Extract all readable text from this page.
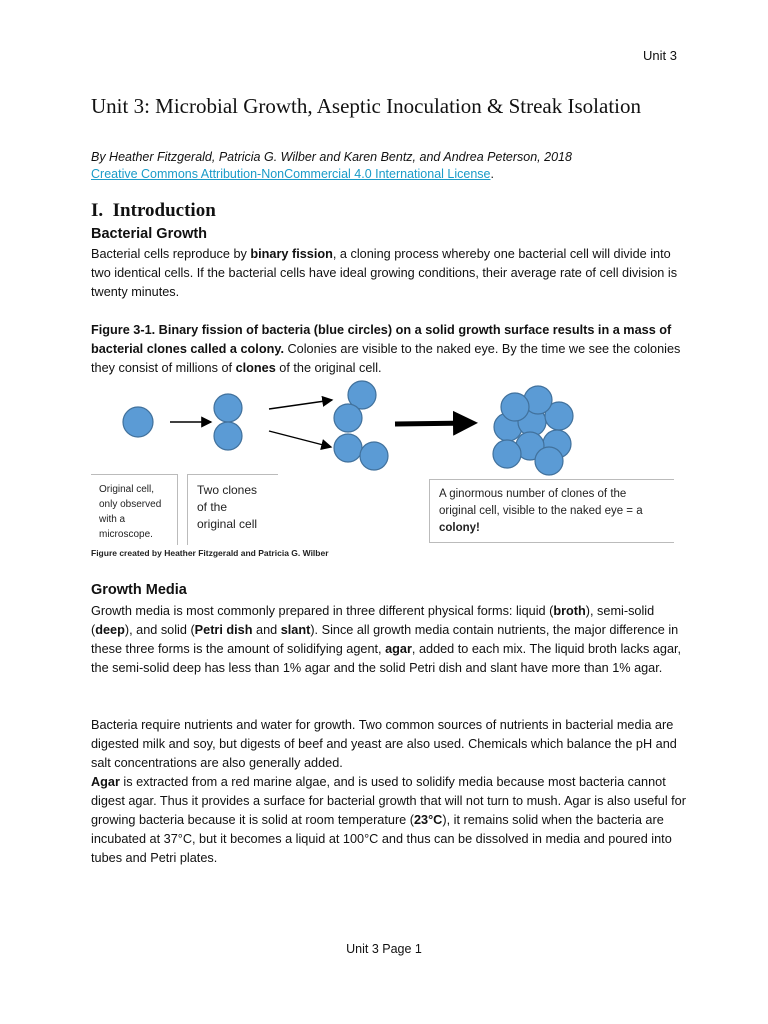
Unit 3
Unit 3: Microbial Growth, Aseptic Inoculation & Streak Isolation
By Heather Fitzgerald, Patricia G. Wilber and Karen Bentz, and Andrea Peterson, 2018
Creative Commons Attribution-NonCommercial 4.0 International License.
I. Introduction
Bacterial Growth

Bacterial cells reproduce by binary fission, a cloning process whereby one bacterial cell will divide into two identical cells. If the bacterial cells have ideal growing conditions, their average rate of cell division is twenty minutes.

Figure 3-1. Binary fission of bacteria (blue circles) on a solid growth surface results in a mass of bacterial clones called a colony. Colonies are visible to the naked eye. By the time we see the colonies they consist of millions of clones of the original cell.

Original cell, only observed with a microscope.
Two clones of the original cell
A ginormous number of clones of the original cell, visible to the naked eye = a colony!
Figure created by Heather Fitzgerald and Patricia G. Wilber
Growth Media

Growth media is most commonly prepared in three different physical forms: liquid (broth), semi-solid (deep), and solid (Petri dish and slant). Since all growth media contain nutrients, the major difference in these three forms is the amount of solidifying agent, agar, added to each mix. The liquid broth lacks agar, the semi-solid deep has less than 1% agar and the solid Petri dish and slant have more than 1% agar.

Bacteria require nutrients and water for growth. Two common sources of nutrients in bacterial media are digested milk and soy, but digests of beef and yeast are also used. Chemicals which balance the pH and salt concentrations are also generally added.

Agar is extracted from a red marine algae, and is used to solidify media because most bacteria cannot digest agar. Thus it provides a surface for bacterial growth that will not turn to mush. Agar is also useful for growing bacteria because it is solid at room temperature (23°C), it remains solid when the bacteria are incubated at 37°C, but it becomes a liquid at 100°C and thus can be dissolved in media and poured into tubes and Petri plates.

Unit 3 Page 1
